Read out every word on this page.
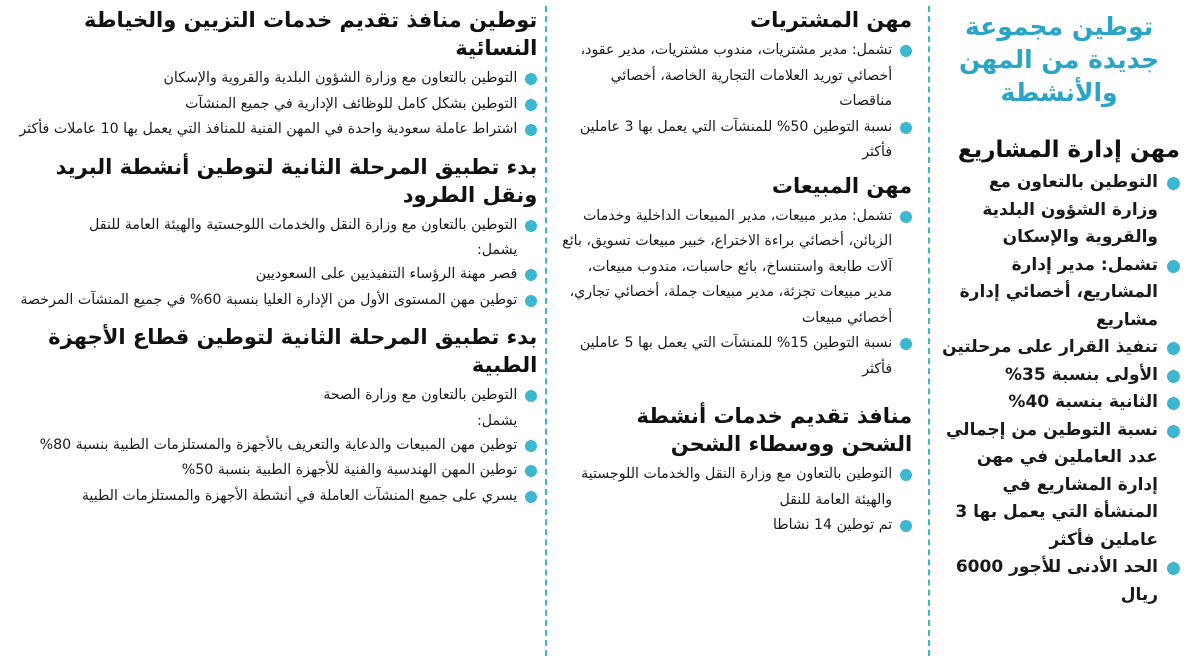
توطين مجموعة
جديدة من المهن
والأنشطة
مهن إدارة المشاريع
التوطين بالتعاون مع وزارة الشؤون البلدية والقروية والإسكان
تشمل: مدير إدارة المشاريع، أخصائي إدارة مشاريع
تنفيذ القرار على مرحلتين
الأولى بنسبة 35%
الثانية بنسبة 40%
نسبة التوطين من إجمالي عدد العاملين في مهن إدارة المشاريع في المنشأة التي يعمل بها 3 عاملين فأكثر
الحد الأدنى للأجور 6000 ريال
مهن المشتريات
تشمل: مدير مشتريات، مندوب مشتريات، مدير عقود، أخصائي توريد العلامات التجارية الخاصة، أخصائي مناقصات
نسبة التوطين 50% للمنشآت التي يعمل بها 3 عاملين فأكثر
مهن المبيعات
تشمل: مدير مبيعات، مدير المبيعات الداخلية وخدمات الزبائن، أخصائي براءة الاختراع، خبير مبيعات تسويق، بائع آلات طابعة واستنساخ، بائع حاسبات، مندوب مبيعات، مدير مبيعات تجزئة، مدير مبيعات جملة، أخصائي تجاري، أخصائي مبيعات
نسبة التوطين 15% للمنشآت التي يعمل بها 5 عاملين فأكثر
منافذ تقديم خدمات أنشطة الشحن ووسطاء الشحن
التوطين بالتعاون مع وزارة النقل والخدمات اللوجستية والهيئة العامة للنقل
تم توطين 14 نشاطا
توطين منافذ تقديم خدمات التزيين والخياطة النسائية
التوطين بالتعاون مع وزارة الشؤون البلدية والقروية والإسكان
التوطين بشكل كامل للوظائف الإدارية في جميع المنشآت
اشتراط عاملة سعودية واحدة في المهن الفنية للمنافذ التي يعمل بها 10 عاملات فأكثر
بدء تطبيق المرحلة الثانية لتوطين أنشطة البريد ونقل الطرود
التوطين بالتعاون مع وزارة النقل والخدمات اللوجستية والهيئة العامة للنقل
يشمل:
قصر مهنة الرؤساء التنفيذيين على السعوديين
توطين مهن المستوى الأول من الإدارة العليا بنسبة 60% في جميع المنشآت المرخصة
بدء تطبيق المرحلة الثانية لتوطين قطاع الأجهزة الطبية
التوطين بالتعاون مع وزارة الصحة
يشمل:
توطين مهن المبيعات والدعاية والتعريف بالأجهزة والمستلزمات الطبية بنسبة 80%
توطين المهن الهندسية والفنية للأجهزة الطبية بنسبة 50%
يسري على جميع المنشآت العاملة في أنشطة الأجهزة والمستلزمات الطبية
